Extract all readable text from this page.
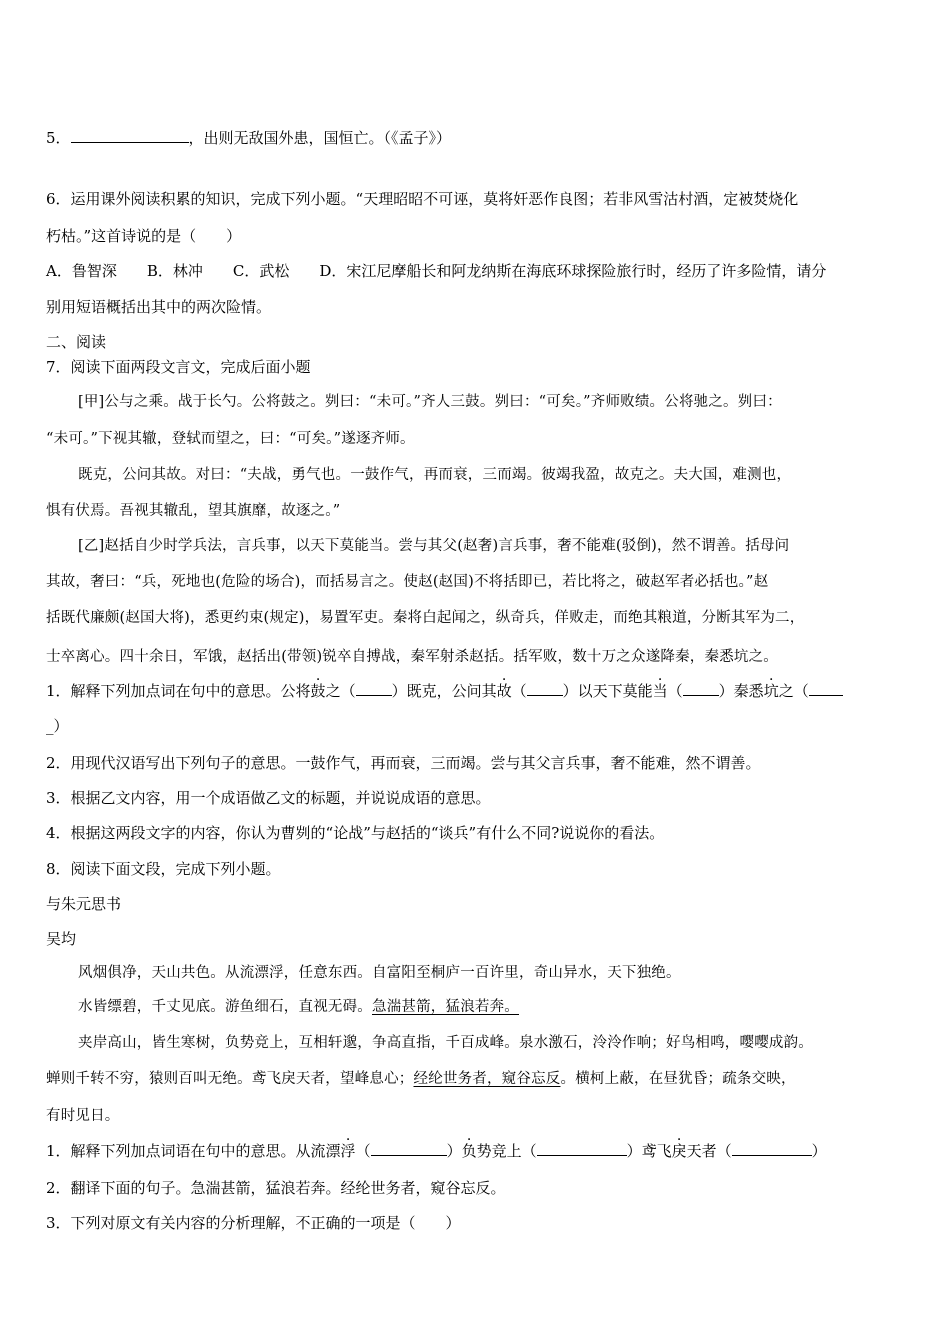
5．	，出则无敌国外患，国恒亡。（《孟子》）
6．运用课外阅读积累的知识，完成下列小题。“天理昭昭不可诬，莫将奸恶作良图；若非风雪沽村酒，定被焚烧化
朽枯。”这首诗说的是（　　）
A．鲁智深　　B．林冲　　C．武松　　D．宋江尼摩船长和阿龙纳斯在海底环球探险旅行时，经历了许多险情，请分
别用短语概括出其中的两次险情。
二、阅读
7．阅读下面两段文言文，完成后面小题
[甲]公与之乘。战于长勺。公将鼓之。刿曰：“未可。”齐人三鼓。刿曰：“可矣。”齐师败绩。公将驰之。刿曰：
“未可。”下视其辙，登轼而望之，曰：“可矣。”遂逐齐师。
既克，公问其故。对曰：“夫战，勇气也。一鼓作气，再而衰，三而竭。彼竭我盈，故克之。夫大国，难测也，
惧有伏焉。吾视其辙乱，望其旗靡，故逐之。”
[乙]赵括自少时学兵法，言兵事，以天下莫能当。尝与其父(赵奢)言兵事，奢不能难(驳倒)，然不谓善。括母问
其故，奢曰：“兵，死地也(危险的场合)，而括易言之。使赵(赵国)不将括即已，若比将之，破赵军者必括也。”赵
括既代廉颇(赵国大将)，悉更约束(规定)，易置军吏。秦将白起闻之，纵奇兵，佯败走，而绝其粮道，分断其军为二，
士卒离心。四十余日，军饿，赵括出(带领)锐卒自搏战，秦军射杀赵括。括军败，数十万之众遂降秦，秦悉坑之。
1．解释下列加点词在句中的意思。公将鼓之（ ）既克，公问其故（ ）以天下莫能当（ ）秦悉坑之（
_）
2．用现代汉语写出下列句子的意思。一鼓作气，再而衰，三而竭。尝与其父言兵事，奢不能难，然不谓善。
3．根据乙文内容，用一个成语做乙文的标题，并说说成语的意思。
4．根据这两段文字的内容，你认为曹刿的“论战”与赵括的“谈兵”有什么不同?说说你的看法。
8．阅读下面文段，完成下列小题。
与朱元思书
吴均
风烟俱净，天山共色。从流漂浮，任意东西。自富阳至桐庐一百许里，奇山异水，天下独绝。
水皆缥碧，千丈见底。游鱼细石，直视无碍。急湍甚箭，猛浪若奔。
夹岸高山，皆生寒树，负势竞上，互相轩邈，争高直指，千百成峰。泉水激石，泠泠作响；好鸟相鸣，嘤嘤成韵。
蝉则千转不穷，猿则百叫无绝。鸢飞戾天者，望峰息心；经纶世务者，窥谷忘反。横柯上蔽，在昼犹昏；疏条交映，
有时见日。
1．解释下列加点词语在句中的意思。从流漂浮（	）负势竞上（	）鸢飞戾天者（	）
2．翻译下面的句子。急湍甚箭，猛浪若奔。经纶世务者，窥谷忘反。
3．下列对原文有关内容的分析理解，不正确的一项是（　　）
